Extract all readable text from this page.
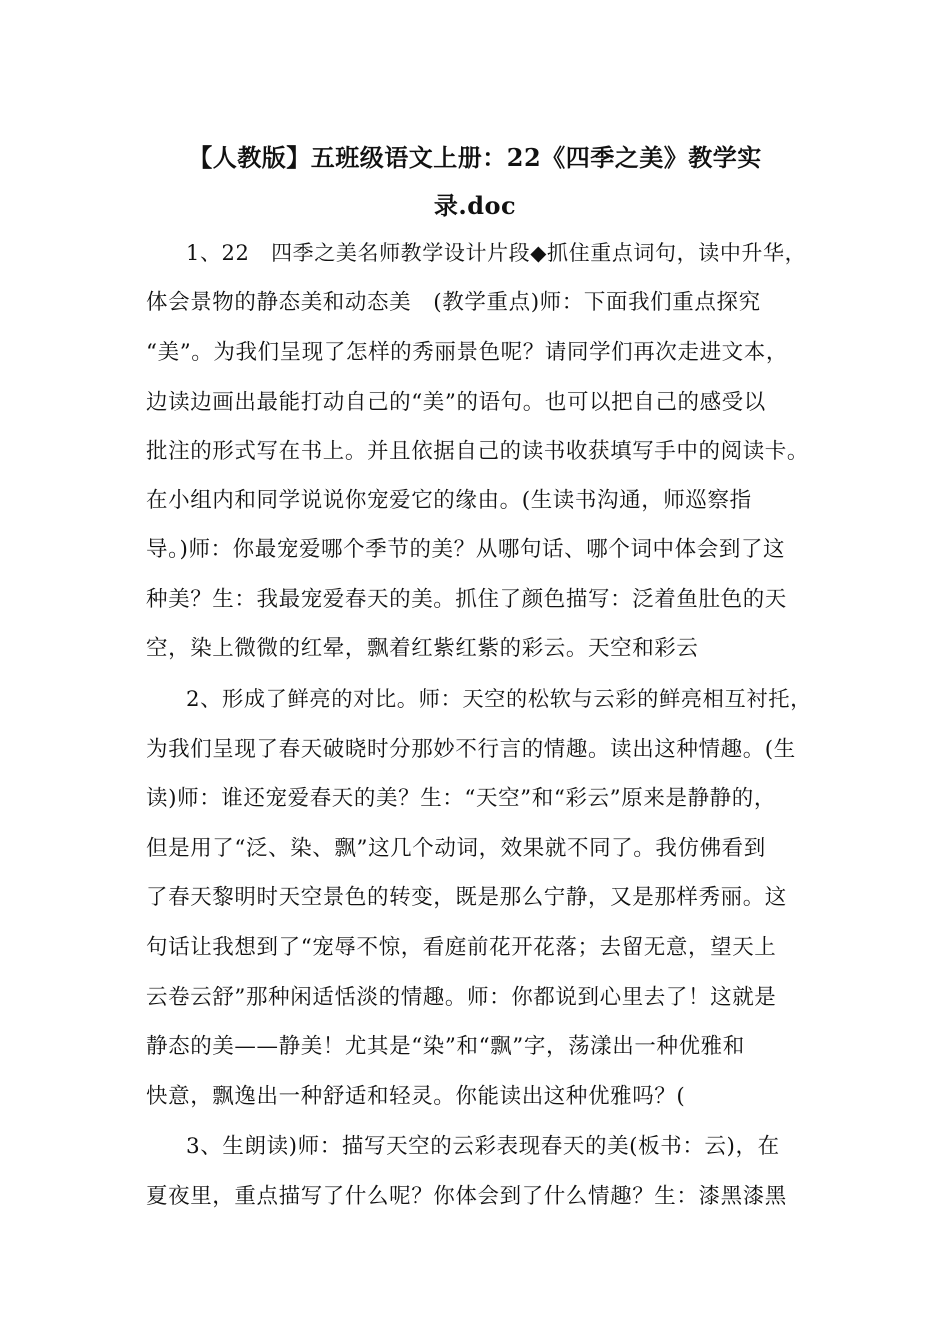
【人教版】五班级语文上册：22《四季之美》教学实
录.doc
1、22　四季之美名师教学设计片段◆抓住重点词句，读中升华，
体会景物的静态美和动态美　(教学重点)师：下面我们重点探究
“美”。为我们呈现了怎样的秀丽景色呢？请同学们再次走进文本，
边读边画出最能打动自己的“美”的语句。也可以把自己的感受以
批注的形式写在书上。并且依据自己的读书收获填写手中的阅读卡。
在小组内和同学说说你宠爱它的缘由。(生读书沟通，师巡察指
导。)师：你最宠爱哪个季节的美？从哪句话、哪个词中体会到了这
种美？生：我最宠爱春天的美。抓住了颜色描写：泛着鱼肚色的天
空，染上微微的红晕，飘着红紫红紫的彩云。天空和彩云
2、形成了鲜亮的对比。师：天空的松软与云彩的鲜亮相互衬托，
为我们呈现了春天破晓时分那妙不行言的情趣。读出这种情趣。(生
读)师：谁还宠爱春天的美？生：“天空”和“彩云”原来是静静的，
但是用了“泛、染、飘”这几个动词，效果就不同了。我仿佛看到
了春天黎明时天空景色的转变，既是那么宁静，又是那样秀丽。这
句话让我想到了“宠辱不惊，看庭前花开花落；去留无意，望天上
云卷云舒”那种闲适恬淡的情趣。师：你都说到心里去了！这就是
静态的美——静美！尤其是“染”和“飘”字，荡漾出一种优雅和
快意，飘逸出一种舒适和轻灵。你能读出这种优雅吗？(
3、生朗读)师：描写天空的云彩表现春天的美(板书：云)，在
夏夜里，重点描写了什么呢？你体会到了什么情趣？生：漆黑漆黑
